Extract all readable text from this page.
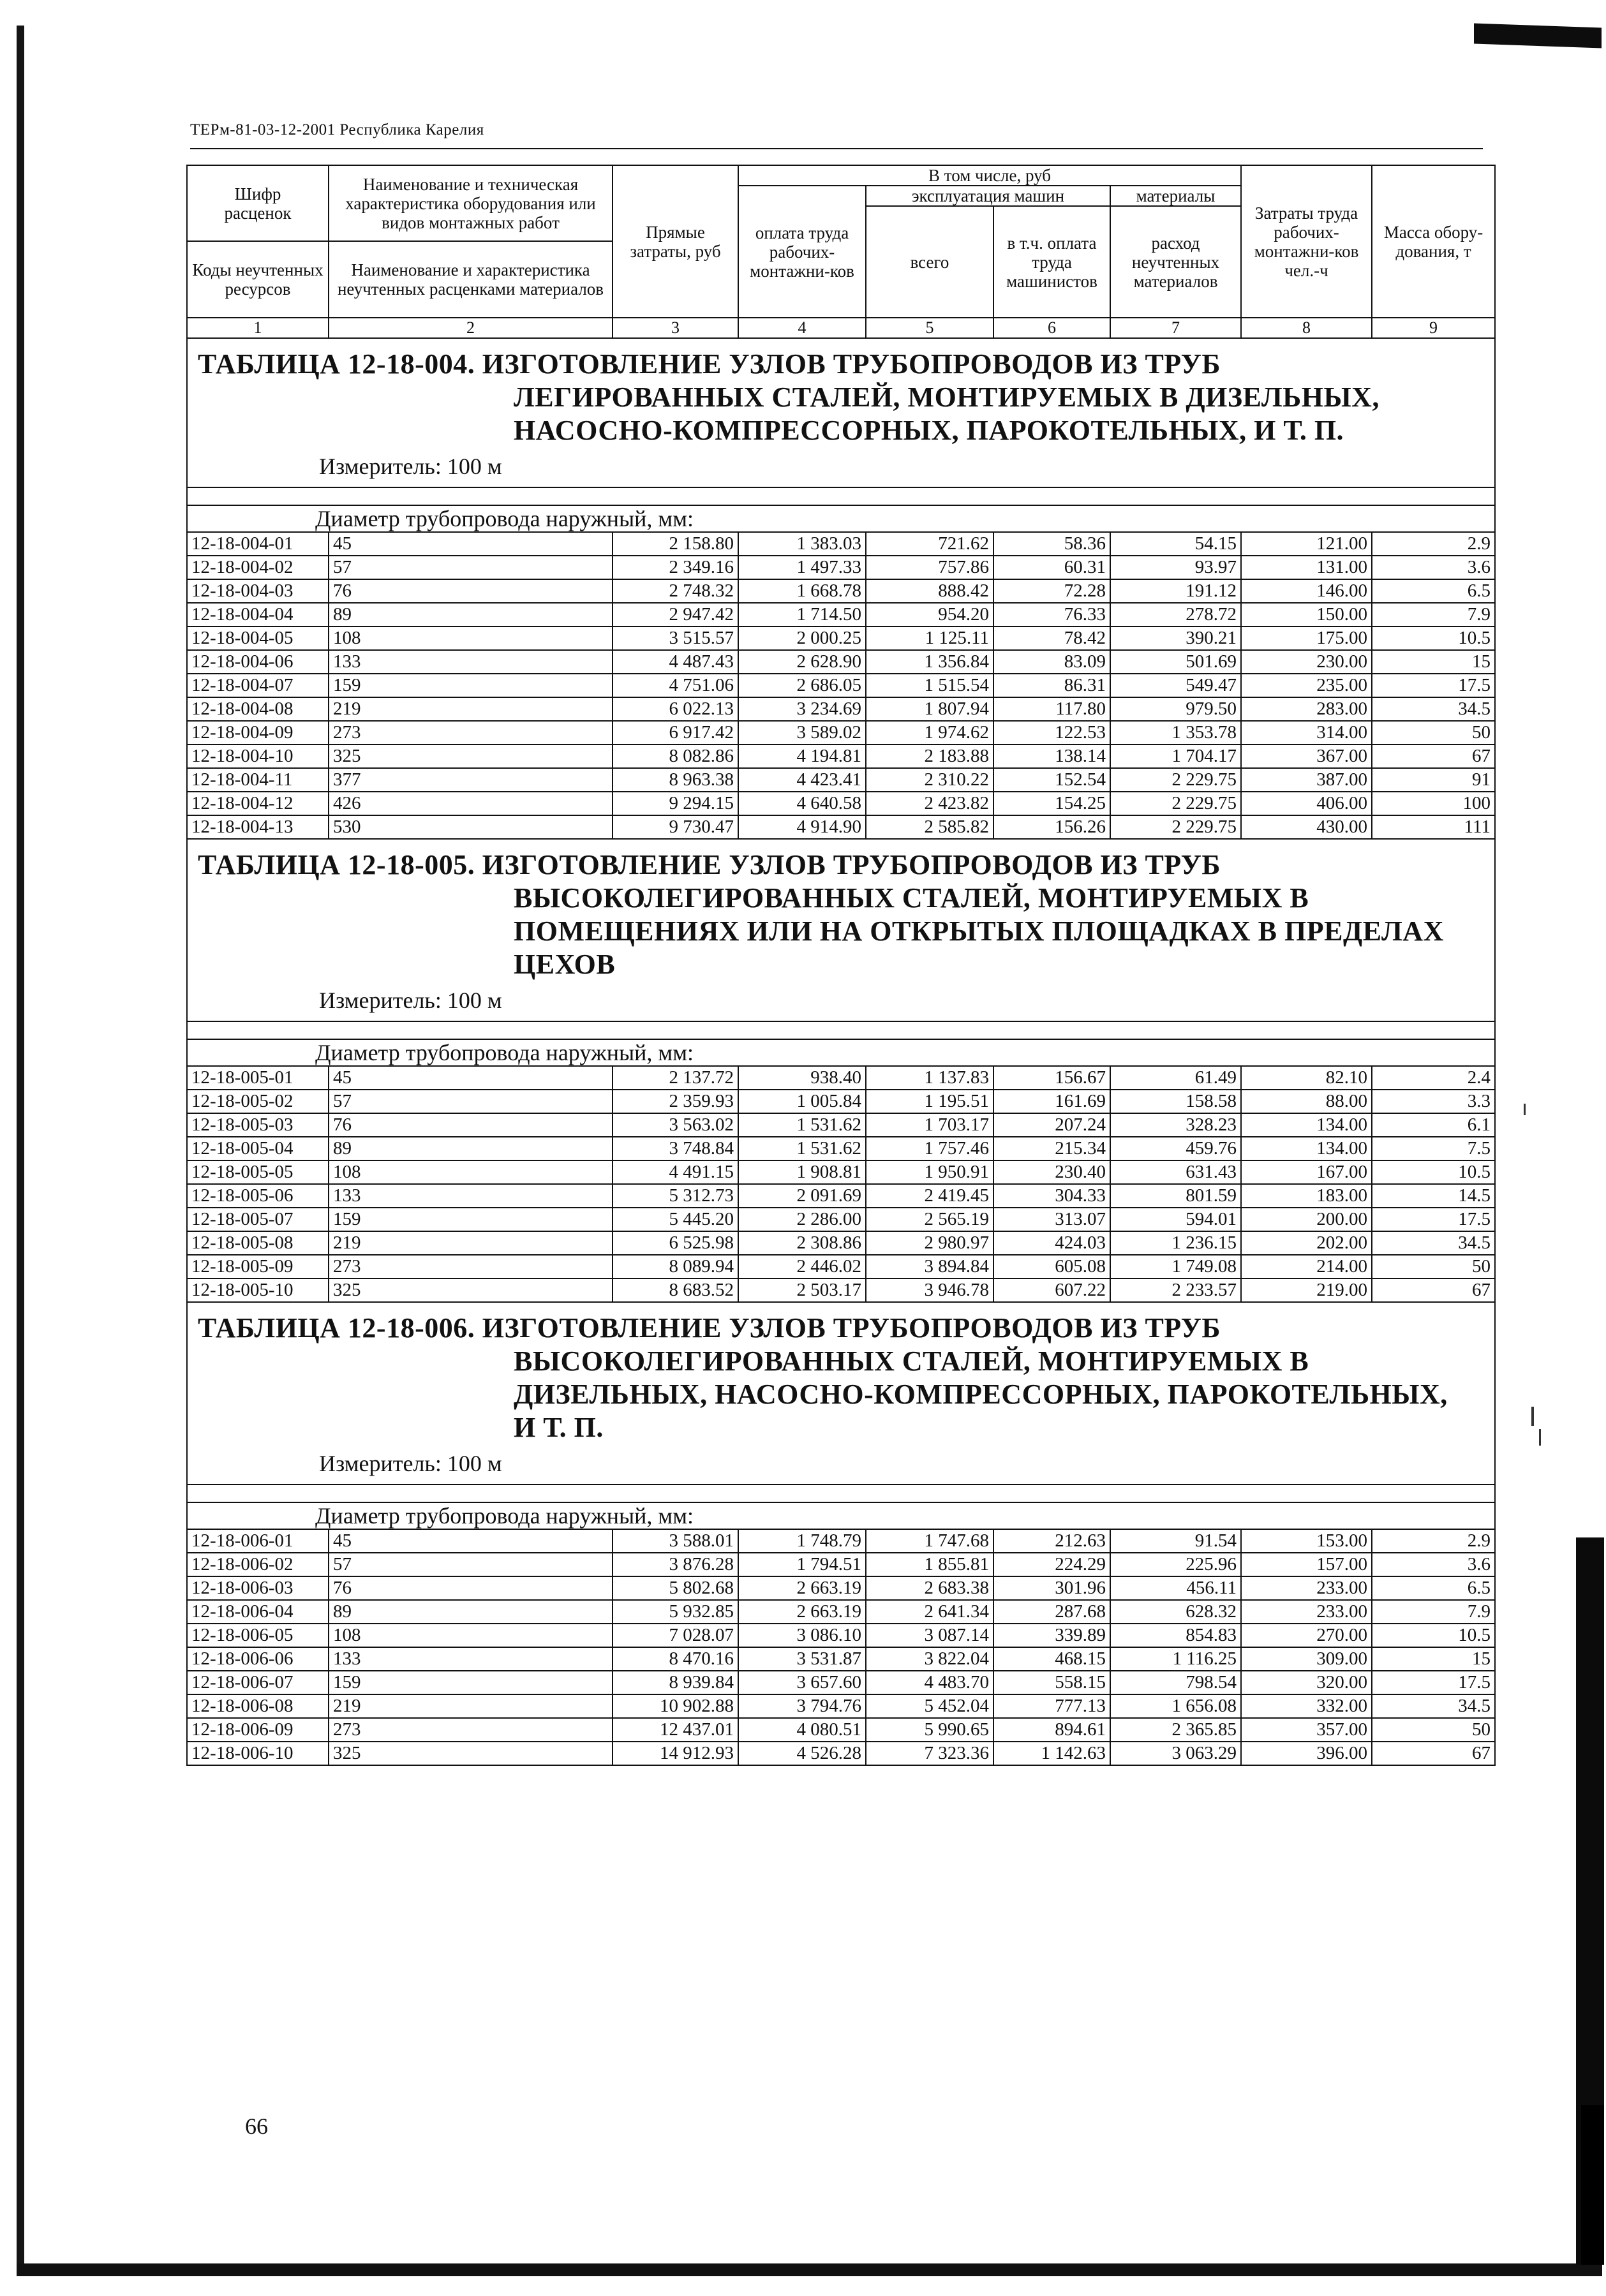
ТЕРм-81-03-12-2001 Республика Карелия
Шифр расценок	Наименование и техническая характеристика оборудования или видов монтажных работ	Прямые затраты, руб	В том числе, руб				Затраты труда рабочих-монтажни-ков чел.-ч	Масса обору-дования, т
			оплата труда рабочих-монтажни-ков	эксплуатация машин		материалы		
				всего	в т.ч. оплата труда машинистов	расход неучтенных материалов		
Коды неучтенных ресурсов	Наименование и характеристика неучтенных расценками материалов							

1	2	3	4	5	6	7	8	9

ТАБЛИЦА 12-18-004. ИЗГОТОВЛЕНИЕ УЗЛОВ ТРУБОПРОВОДОВ ИЗ ТРУБ
ЛЕГИРОВАННЫХ СТАЛЕЙ, МОНТИРУЕМЫХ В ДИЗЕЛЬНЫХ,
НАСОСНО-КОМПРЕССОРНЫХ, ПАРОКОТЕЛЬНЫХ, И Т. П.
Измеритель: 100 м								

Диаметр трубопровода наружный, мм:								
12-18-004-01	45	2 158.80	1 383.03	721.62	58.36	54.15	121.00	2.9
12-18-004-02	57	2 349.16	1 497.33	757.86	60.31	93.97	131.00	3.6
12-18-004-03	76	2 748.32	1 668.78	888.42	72.28	191.12	146.00	6.5
12-18-004-04	89	2 947.42	1 714.50	954.20	76.33	278.72	150.00	7.9
12-18-004-05	108	3 515.57	2 000.25	1 125.11	78.42	390.21	175.00	10.5
12-18-004-06	133	4 487.43	2 628.90	1 356.84	83.09	501.69	230.00	15
12-18-004-07	159	4 751.06	2 686.05	1 515.54	86.31	549.47	235.00	17.5
12-18-004-08	219	6 022.13	3 234.69	1 807.94	117.80	979.50	283.00	34.5
12-18-004-09	273	6 917.42	3 589.02	1 974.62	122.53	1 353.78	314.00	50
12-18-004-10	325	8 082.86	4 194.81	2 183.88	138.14	1 704.17	367.00	67
12-18-004-11	377	8 963.38	4 423.41	2 310.22	152.54	2 229.75	387.00	91
12-18-004-12	426	9 294.15	4 640.58	2 423.82	154.25	2 229.75	406.00	100
12-18-004-13	530	9 730.47	4 914.90	2 585.82	156.26	2 229.75	430.00	111

ТАБЛИЦА 12-18-005. ИЗГОТОВЛЕНИЕ УЗЛОВ ТРУБОПРОВОДОВ ИЗ ТРУБ
ВЫСОКОЛЕГИРОВАННЫХ СТАЛЕЙ, МОНТИРУЕМЫХ В
ПОМЕЩЕНИЯХ ИЛИ НА ОТКРЫТЫХ ПЛОЩАДКАХ В ПРЕДЕЛАХ
ЦЕХОВ
Измеритель: 100 м								

Диаметр трубопровода наружный, мм:								
12-18-005-01	45	2 137.72	938.40	1 137.83	156.67	61.49	82.10	2.4
12-18-005-02	57	2 359.93	1 005.84	1 195.51	161.69	158.58	88.00	3.3
12-18-005-03	76	3 563.02	1 531.62	1 703.17	207.24	328.23	134.00	6.1
12-18-005-04	89	3 748.84	1 531.62	1 757.46	215.34	459.76	134.00	7.5
12-18-005-05	108	4 491.15	1 908.81	1 950.91	230.40	631.43	167.00	10.5
12-18-005-06	133	5 312.73	2 091.69	2 419.45	304.33	801.59	183.00	14.5
12-18-005-07	159	5 445.20	2 286.00	2 565.19	313.07	594.01	200.00	17.5
12-18-005-08	219	6 525.98	2 308.86	2 980.97	424.03	1 236.15	202.00	34.5
12-18-005-09	273	8 089.94	2 446.02	3 894.84	605.08	1 749.08	214.00	50
12-18-005-10	325	8 683.52	2 503.17	3 946.78	607.22	2 233.57	219.00	67

ТАБЛИЦА 12-18-006. ИЗГОТОВЛЕНИЕ УЗЛОВ ТРУБОПРОВОДОВ ИЗ ТРУБ
ВЫСОКОЛЕГИРОВАННЫХ СТАЛЕЙ, МОНТИРУЕМЫХ В
ДИЗЕЛЬНЫХ, НАСОСНО-КОМПРЕССОРНЫХ, ПАРОКОТЕЛЬНЫХ,
И Т. П.
Измеритель: 100 м								

Диаметр трубопровода наружный, мм:								
12-18-006-01	45	3 588.01	1 748.79	1 747.68	212.63	91.54	153.00	2.9
12-18-006-02	57	3 876.28	1 794.51	1 855.81	224.29	225.96	157.00	3.6
12-18-006-03	76	5 802.68	2 663.19	2 683.38	301.96	456.11	233.00	6.5
12-18-006-04	89	5 932.85	2 663.19	2 641.34	287.68	628.32	233.00	7.9
12-18-006-05	108	7 028.07	3 086.10	3 087.14	339.89	854.83	270.00	10.5
12-18-006-06	133	8 470.16	3 531.87	3 822.04	468.15	1 116.25	309.00	15
12-18-006-07	159	8 939.84	3 657.60	4 483.70	558.15	798.54	320.00	17.5
12-18-006-08	219	10 902.88	3 794.76	5 452.04	777.13	1 656.08	332.00	34.5
12-18-006-09	273	12 437.01	4 080.51	5 990.65	894.61	2 365.85	357.00	50
12-18-006-10	325	14 912.93	4 526.28	7 323.36	1 142.63	3 063.29	396.00	67
66
